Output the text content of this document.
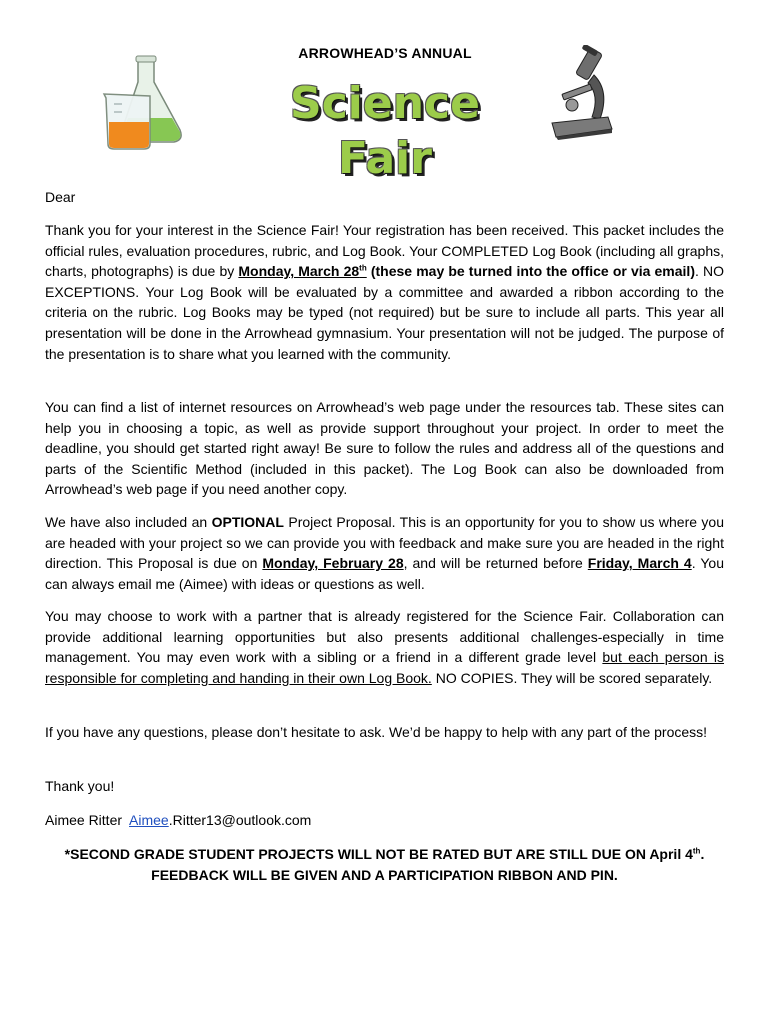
ARROWHEAD’S ANNUAL
Science
Fair

Dear

Thank you for your interest in the Science Fair! Your registration has been received. This packet includes the official rules, evaluation procedures, rubric, and Log Book. Your COMPLETED Log Book (including all graphs, charts, photographs) is due by Monday, March 28th (these may be turned into the office or via email). NO EXCEPTIONS. Your Log Book will be evaluated by a committee and awarded a ribbon according to the criteria on the rubric. Log Books may be typed (not required) but be sure to include all parts. This year all presentation will be done in the Arrowhead gymnasium. Your presentation will not be judged. The purpose of the presentation is to share what you learned with the community.

You can find a list of internet resources on Arrowhead’s web page under the resources tab. These sites can help you in choosing a topic, as well as provide support throughout your project. In order to meet the deadline, you should get started right away! Be sure to follow the rules and address all of the questions and parts of the Scientific Method (included in this packet). The Log Book can also be downloaded from Arrowhead’s web page if you need another copy.

We have also included an OPTIONAL Project Proposal. This is an opportunity for you to show us where you are headed with your project so we can provide you with feedback and make sure you are headed in the right direction. This Proposal is due on Monday, February 28, and will be returned before Friday, March 4. You can always email me (Aimee) with ideas or questions as well.

You may choose to work with a partner that is already registered for the Science Fair. Collaboration can provide additional learning opportunities but also presents additional challenges-especially in time management. You may even work with a sibling or a friend in a different grade level but each person is responsible for completing and handing in their own Log Book. NO COPIES. They will be scored separately.

If you have any questions, please don’t hesitate to ask. We’d be happy to help with any part of the process!

Thank you!

Aimee Ritter  Aimee.Ritter13@outlook.com

*SECOND GRADE STUDENT PROJECTS WILL NOT BE RATED BUT ARE STILL DUE ON April 4th. FEEDBACK WILL BE GIVEN AND A PARTICIPATION RIBBON AND PIN.
